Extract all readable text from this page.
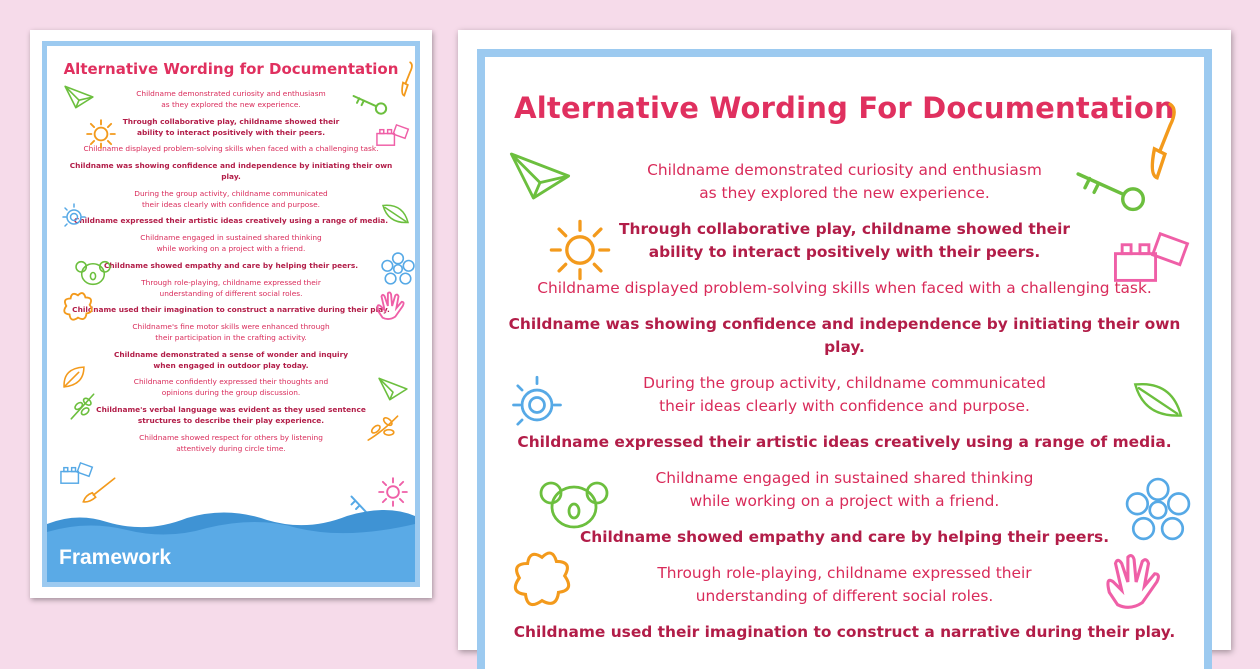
Alternative Wording for Documentation
Childname demonstrated curiosity and enthusiasm
as they explored the new experience.
Through collaborative play, childname showed their
ability to interact positively with their peers.
Childname displayed problem-solving skills when faced with a challenging task.
Childname was showing confidence and independence by initiating their own play.
During the group activity, childname communicated
their ideas clearly with confidence and purpose.
Childname expressed their artistic ideas creatively using a range of media.
Childname engaged in sustained shared thinking
while working on a project with a friend.
Childname showed empathy and care by helping their peers.
Through role-playing, childname expressed their
understanding of different social roles.
Childname used their imagination to construct a narrative during their play.
Childname's fine motor skills were enhanced through
their participation in the crafting activity.
Childname demonstrated a sense of wonder and inquiry
when engaged in outdoor play today.
Childname confidently expressed their thoughts and
opinions during the group discussion.
Childname's verbal language was evident as they used sentence
structures to describe their play experience.
Childname showed respect for others by listening
attentively during circle time.
Framework
Alternative Wording For Documentation
Childname demonstrated curiosity and enthusiasm
as they explored the new experience.
Through collaborative play, childname showed their
ability to interact positively with their peers.
Childname displayed problem-solving skills when faced with a challenging task.
Childname was showing confidence and independence by initiating their own play.
During the group activity, childname communicated
their ideas clearly with confidence and purpose.
Childname expressed their artistic ideas creatively using a range of media.
Childname engaged in sustained shared thinking
while working on a project with a friend.
Childname showed empathy and care by helping their peers.
Through role-playing, childname expressed their
understanding of different social roles.
Childname used their imagination to construct a narrative during their play.
